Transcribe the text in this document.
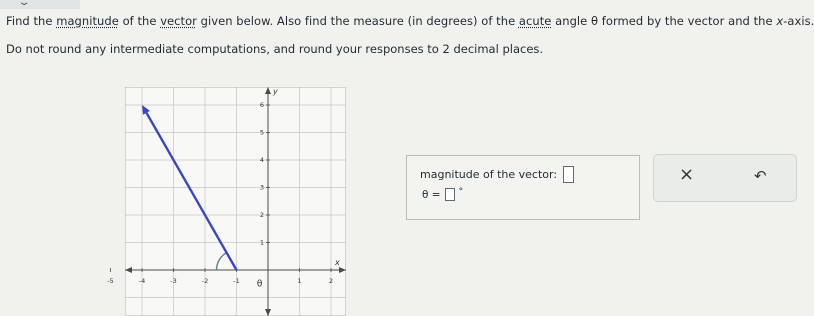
⌄
Find the magnitude of the vector given below. Also find the measure (in degrees) of the acute angle θ formed by the vector and the x-axis.
Do not round any intermediate computations, and round your responses to 2 decimal places.
-5	-4	-3	-2	-1	1	2
1
2
3
4
5
6
θ
y
x
magnitude of the vector:
θ = °
×	↶
